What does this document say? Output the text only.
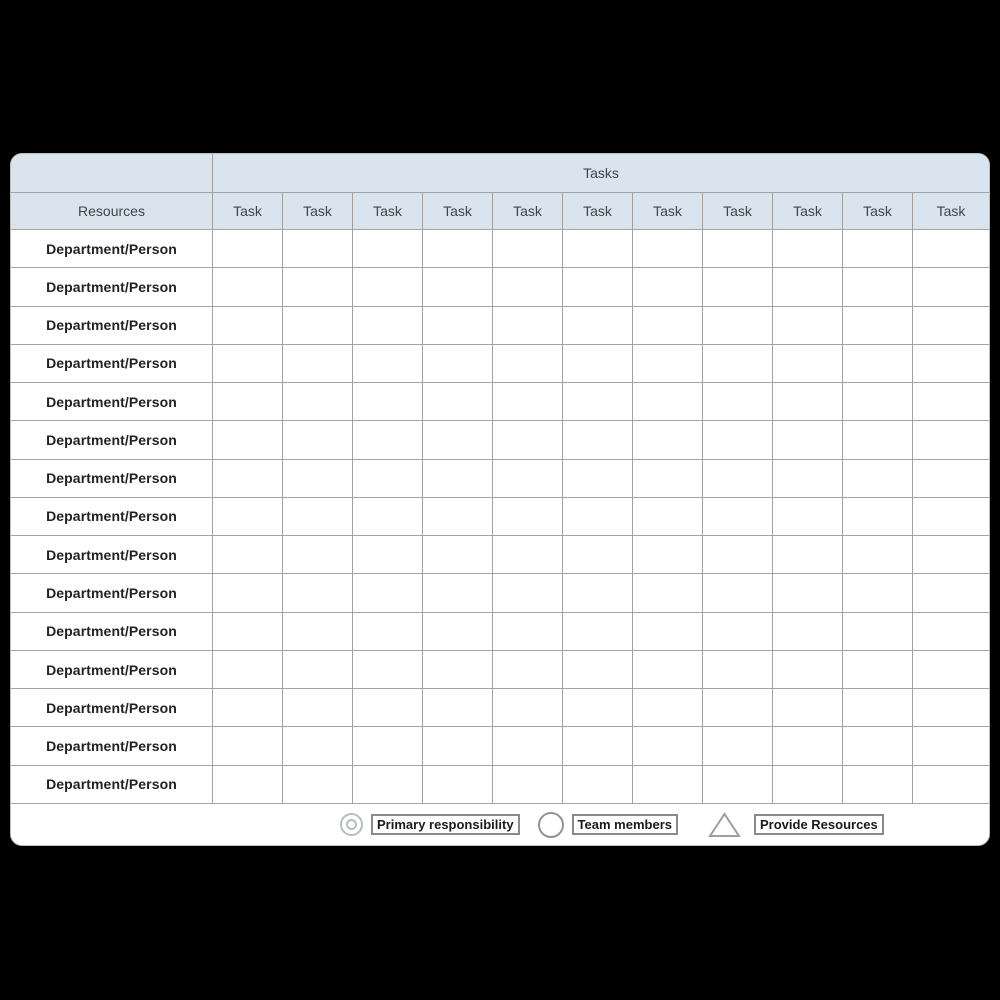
Tasks
Resources	Task	Task	Task	Task	Task	Task	Task	Task	Task	Task	Task
Department/Person
Department/Person
Department/Person
Department/Person
Department/Person
Department/Person
Department/Person
Department/Person
Department/Person
Department/Person
Department/Person
Department/Person
Department/Person
Department/Person
Department/Person
Primary responsibility	Team members	Provide Resources
